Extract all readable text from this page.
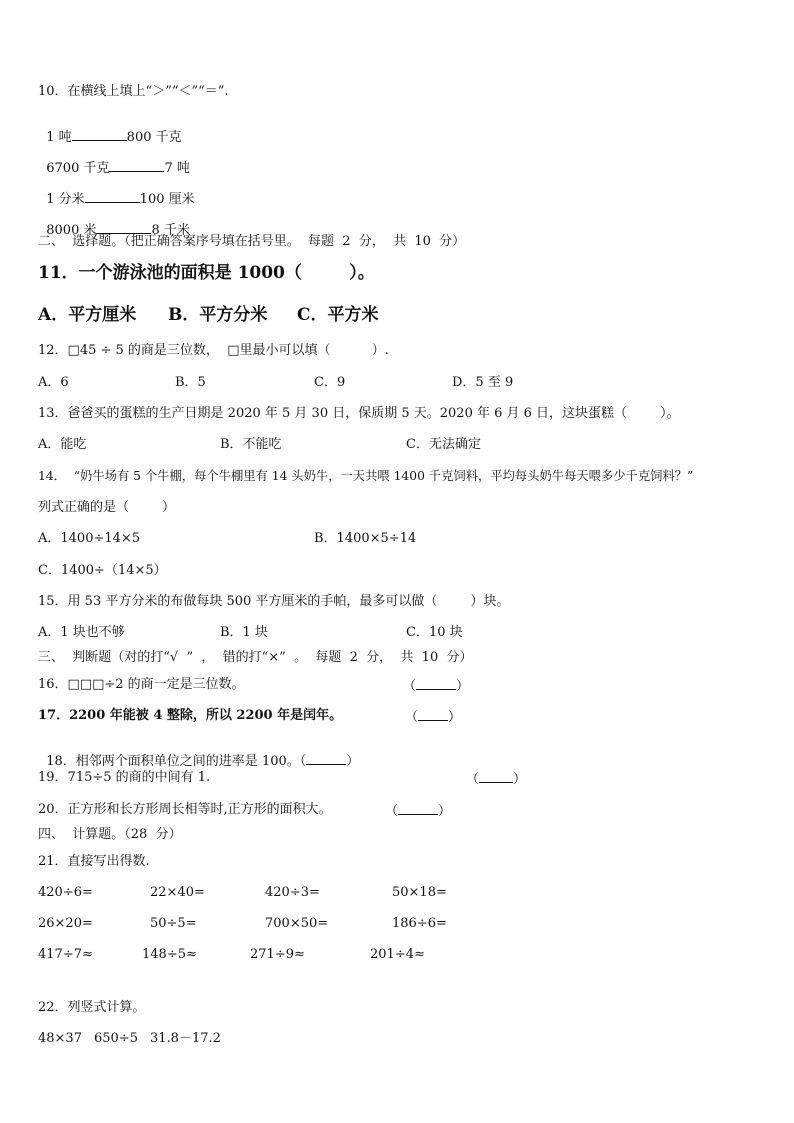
10．在横线上填上“＞”“＜”“＝”.

1 吨	800 千克

6700 千克	7 吨

1 分米	100 厘米

8000 米	8 千米

二、  选择题。（把正确答案序号填在括号里。  每题  2  分，  共  10  分）
11．一个游泳池的面积是 1000（        ）。
A．平方厘米 B．平方分米 C．平方米
12．□45 ÷ 5 的商是三位数，  □里最小可以填（          ）.
A．6	B．5	C．9	D．5 至 9
13．爸爸买的蛋糕的生产日期是 2020 年 5 月 30 日，保质期 5 天。2020 年 6 月 6 日，这块蛋糕（        ）。
A．能吃	B．不能吃	C．无法确定
14．  “奶牛场有 5 个牛棚，每个牛棚里有 14 头奶牛，一天共喂 1400 千克饲料，平均每头奶牛每天喂多少千克饲料？”
列式正确的是（        ）
A．1400÷14×5	B．1400×5÷14
C．1400÷（14×5）
15．用 53 平方分米的布做每块 500 平方厘米的手帕，最多可以做（        ）块。
A．1 块也不够	B．1 块	C．10 块
三、  判断题（对的打“√  ”  ，  错的打“×”  。  每题  2  分，  共  10  分）
16．□□□÷2 的商一定是三位数。	（	）
17．2200 年能被 4 整除，所以 2200 年是闰年。	（ ）

18．相邻两个面积单位之间的进率是 100。（	）

19．715÷5 的商的中间有 1.	（	）
20．正方形和长方形周长相等时,正方形的面积大。	（	）
四、  计算题。（28  分）
21．直接写出得数.
420÷6=	22×40=	420÷3=	50×18=
26×20=	50÷5=	700×50=	186÷6=
417÷7≈	148÷5≈	271÷9≈	201÷4≈
22．列竖式计算。
48×37 650÷5 31.8－17.2
